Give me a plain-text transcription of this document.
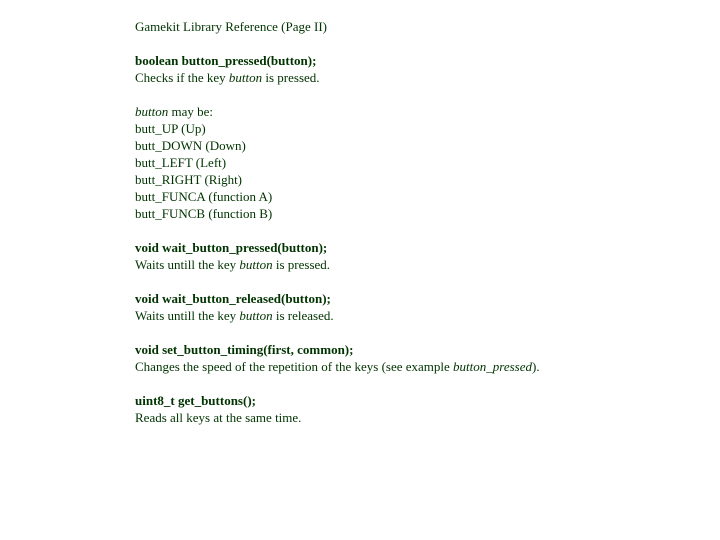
Gamekit Library Reference (Page II)
boolean button_pressed(button);
Checks if the key button is pressed.
button may be:
butt_UP (Up)
butt_DOWN (Down)
butt_LEFT (Left)
butt_RIGHT (Right)
butt_FUNCA (function A)
butt_FUNCB (function B)
void wait_button_pressed(button);
Waits untill the key button is pressed.
void wait_button_released(button);
Waits untill the key button is released.
void set_button_timing(first, common);
Changes the speed of the repetition of the keys (see example button_pressed).
uint8_t get_buttons();
Reads all keys at the same time.
